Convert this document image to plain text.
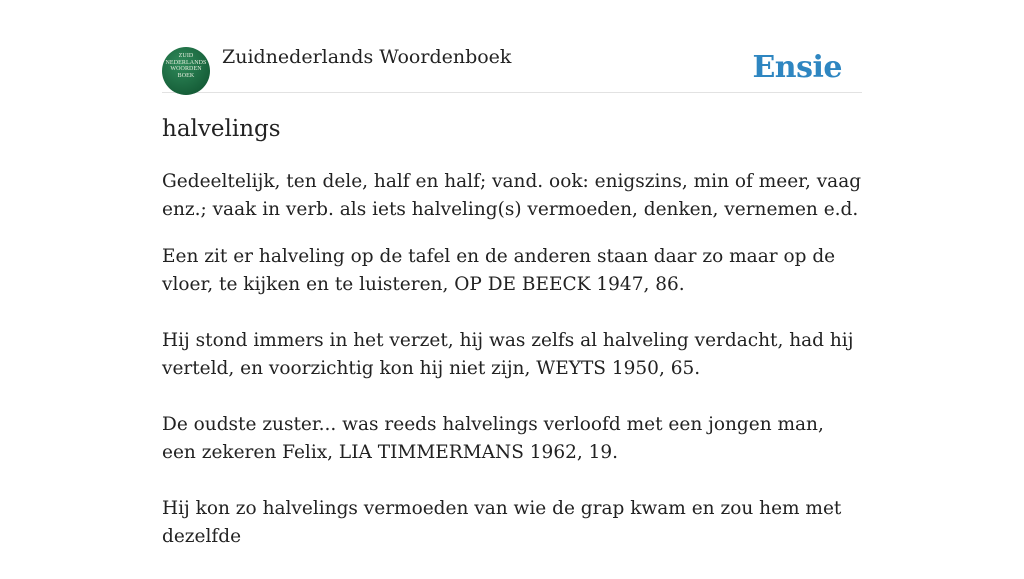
ZUID
NEDERLANDS
WOORDEN
BOEK
Zuidnederlands Woordenboek	Ensie
halvelings

Gedeeltelijk, ten dele, half en half; vand. ook: enigszins, min of meer, vaag enz.; vaak in verb. als iets halveling(s) vermoeden, denken, vernemen e.d.

Een zit er halveling op de tafel en de anderen staan daar zo maar op de vloer, te kijken en te luisteren, OP DE BEECK 1947, 86.

Hij stond immers in het verzet, hij was zelfs al halveling verdacht, had hij verteld, en voorzichtig kon hij niet zijn, WEYTS 1950, 65.

De oudste zuster... was reeds halvelings verloofd met een jongen man, een zekeren Felix, LIA TIMMERMANS 1962, 19.

Hij kon zo halvelings vermoeden van wie de grap kwam en zou hem met dezelfde
